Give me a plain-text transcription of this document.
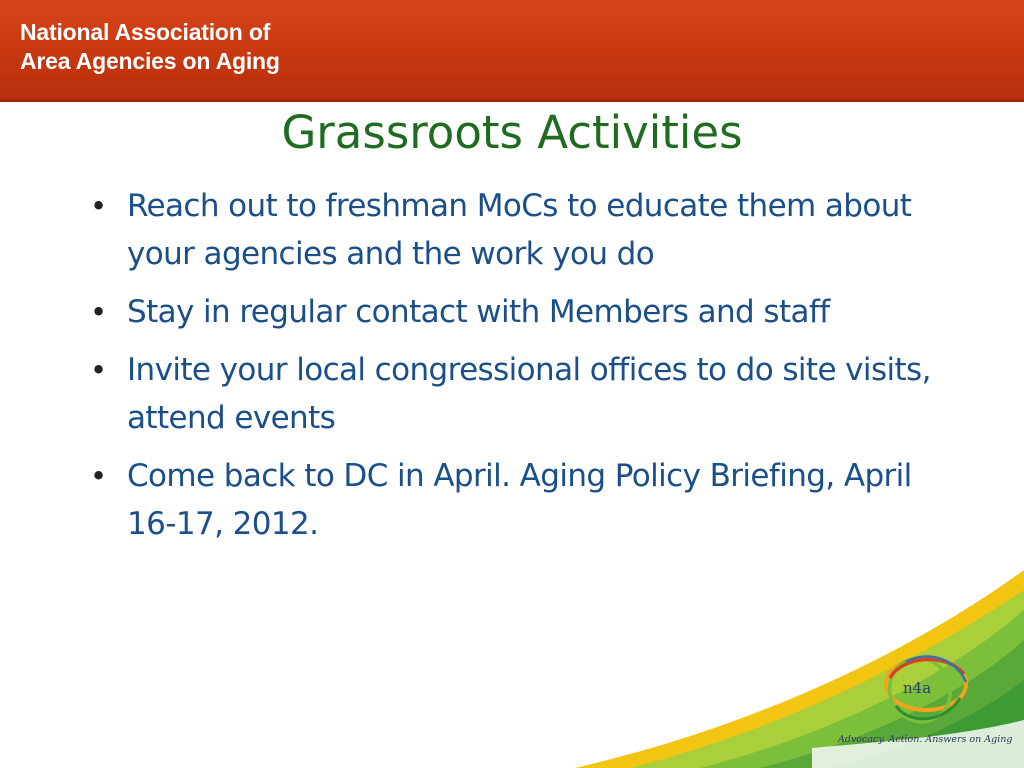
National Association of
Area Agencies on Aging
Grassroots Activities
• Reach out to freshman MoCs to educate them about your agencies and the work you do
• Stay in regular contact with Members and staff
• Invite your local congressional offices to do site visits, attend events
• Come back to DC in April. Aging Policy Briefing, April 16-17, 2012.
n4a
Advocacy. Action. Answers on Aging
